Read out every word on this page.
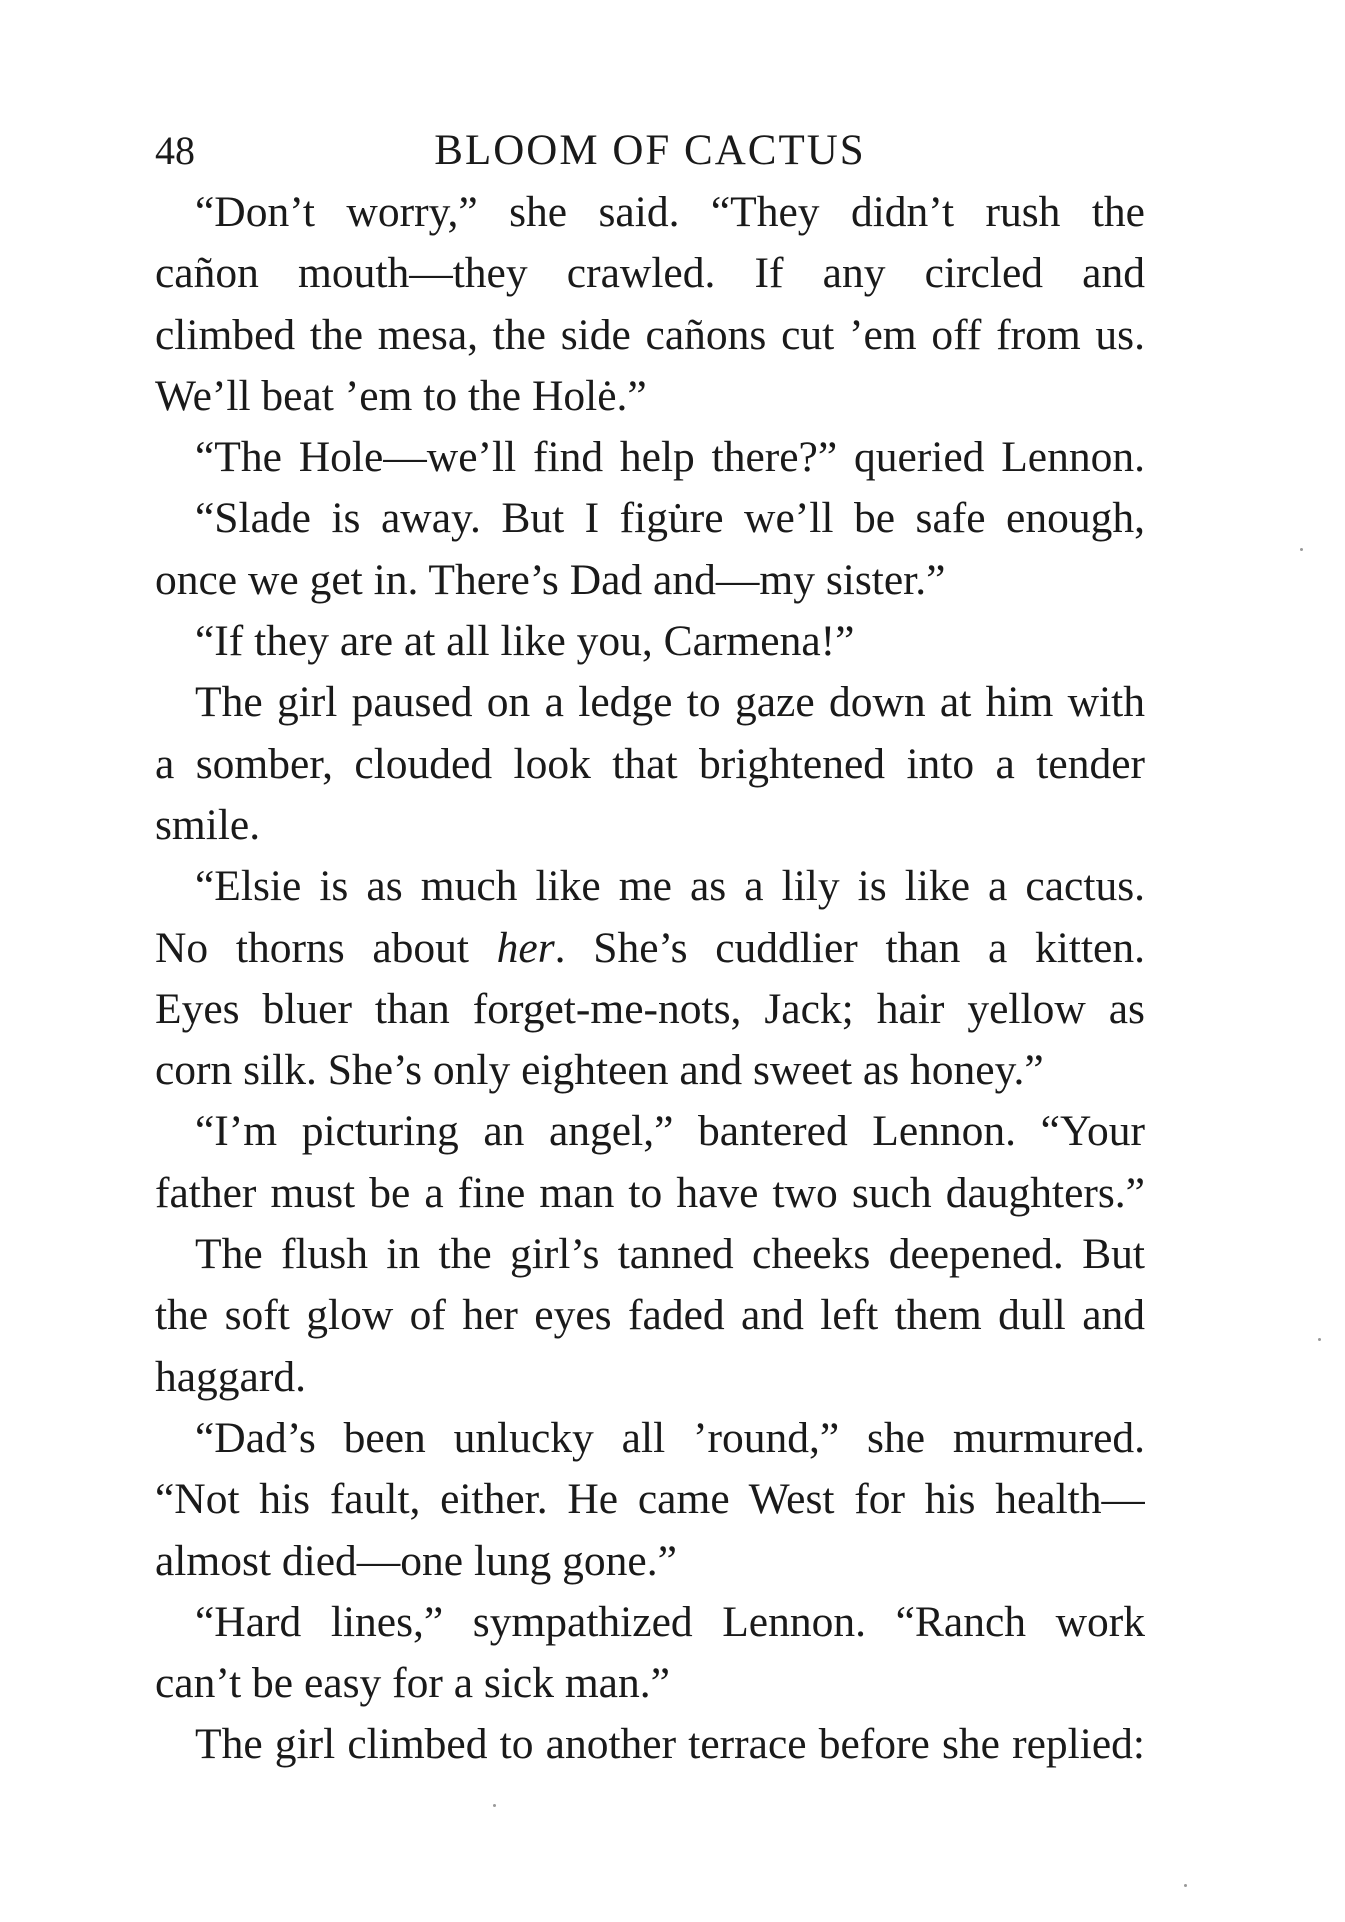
48	BLOOM OF CACTUS
“Don’t worry,” she said. “They didn’t rush the
cañon mouth—they crawled. If any circled and
climbed the mesa, the side cañons cut ’em off from us.
We’ll beat ’em to the Holė.”
“The Hole—we’ll find help there?” queried Lennon.
“Slade is away. But I figu̇re we’ll be safe enough,
once we get in. There’s Dad and—my sister.”
“If they are at all like you, Carmena!”
The girl paused on a ledge to gaze down at him with
a somber, clouded look that brightened into a tender
smile.
“Elsie is as much like me as a lily is like a cactus.
No thorns about her. She’s cuddlier than a kitten.
Eyes bluer than forget-me-nots, Jack; hair yellow as
corn silk. She’s only eighteen and sweet as honey.”
“I’m picturing an angel,” bantered Lennon. “Your
father must be a fine man to have two such daughters.”
The flush in the girl’s tanned cheeks deepened. But
the soft glow of her eyes faded and left them dull and
haggard.
“Dad’s been unlucky all ’round,” she murmured.
“Not his fault, either. He came West for his health—
almost died—one lung gone.”
“Hard lines,” sympathized Lennon. “Ranch work
can’t be easy for a sick man.”
The girl climbed to another terrace before she replied:
